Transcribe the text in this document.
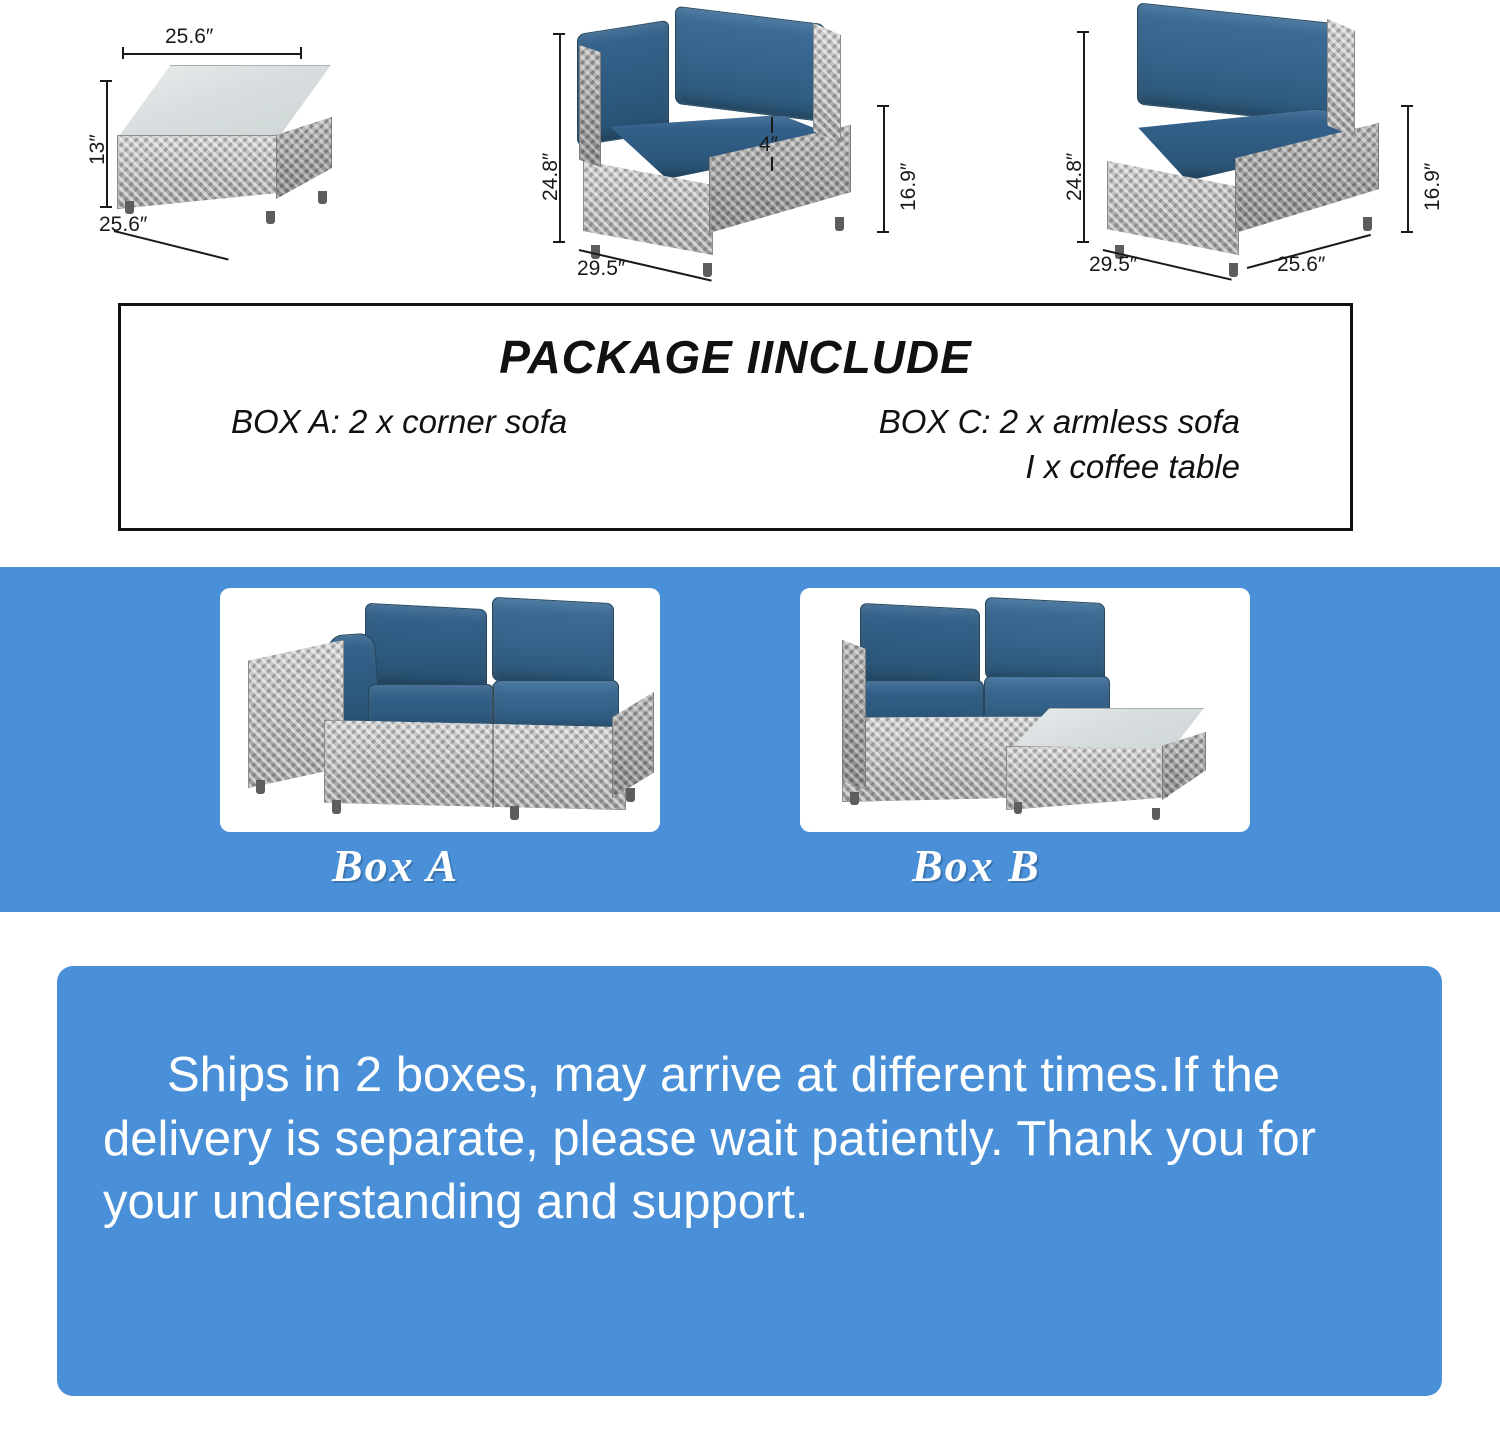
25.6″
13″
25.6″
24.8″
4″
16.9″
29.5″
24.8″	16.9″
29.5″	25.6″
PACKAGE IINCLUDE
BOX A: 2 x corner sofa	BOX C: 2 x armless sofa
I x coffee table
Box A	Box B

Ships in 2 boxes, may arrive at different times.If the delivery is separate, please wait patiently. Thank you for your understanding and support.
